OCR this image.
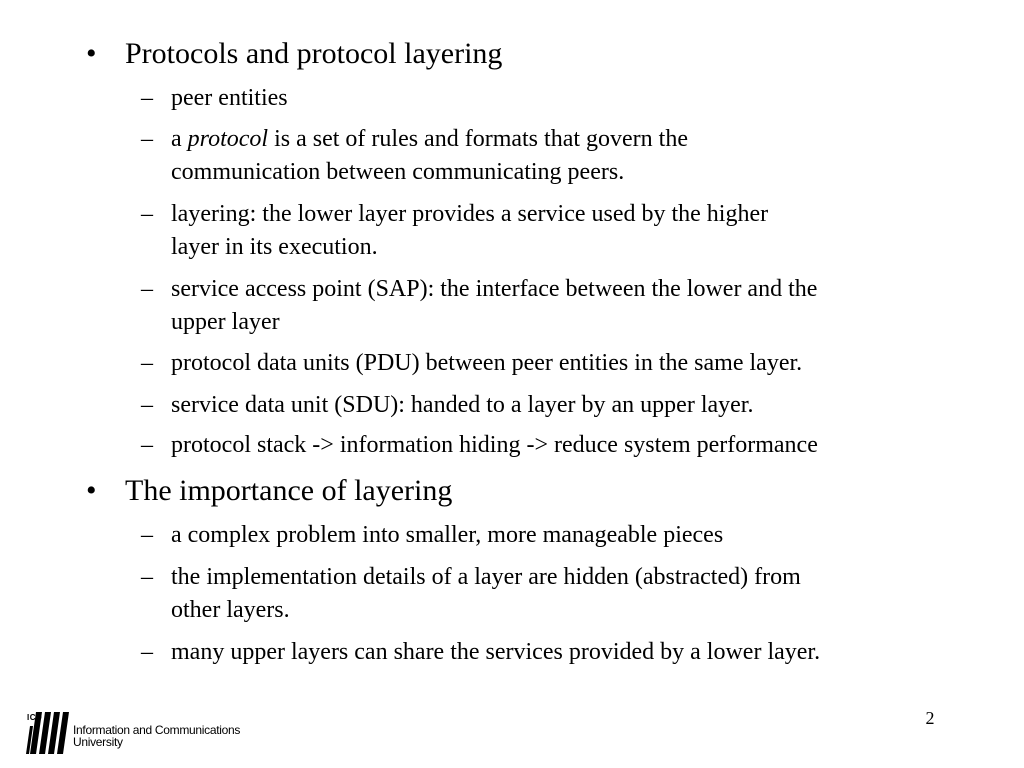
• Protocols and protocol layering
– peer entities
– a protocol is a set of rules and formats that govern the
communication between communicating peers.
– layering: the lower layer provides a service used by the higher
layer in its execution.
– service access point (SAP): the interface between the lower and the
upper layer
– protocol data units (PDU) between peer entities in the same layer.
– service data unit (SDU): handed to a layer by an upper layer.
– protocol stack -> information hiding -> reduce system performance
• The importance of layering
– a complex problem into smaller, more manageable pieces
– the implementation details of a layer are hidden (abstracted) from
other layers.
– many upper layers can share the services provided by a lower layer.
ICU
Information and Communications
University
2
